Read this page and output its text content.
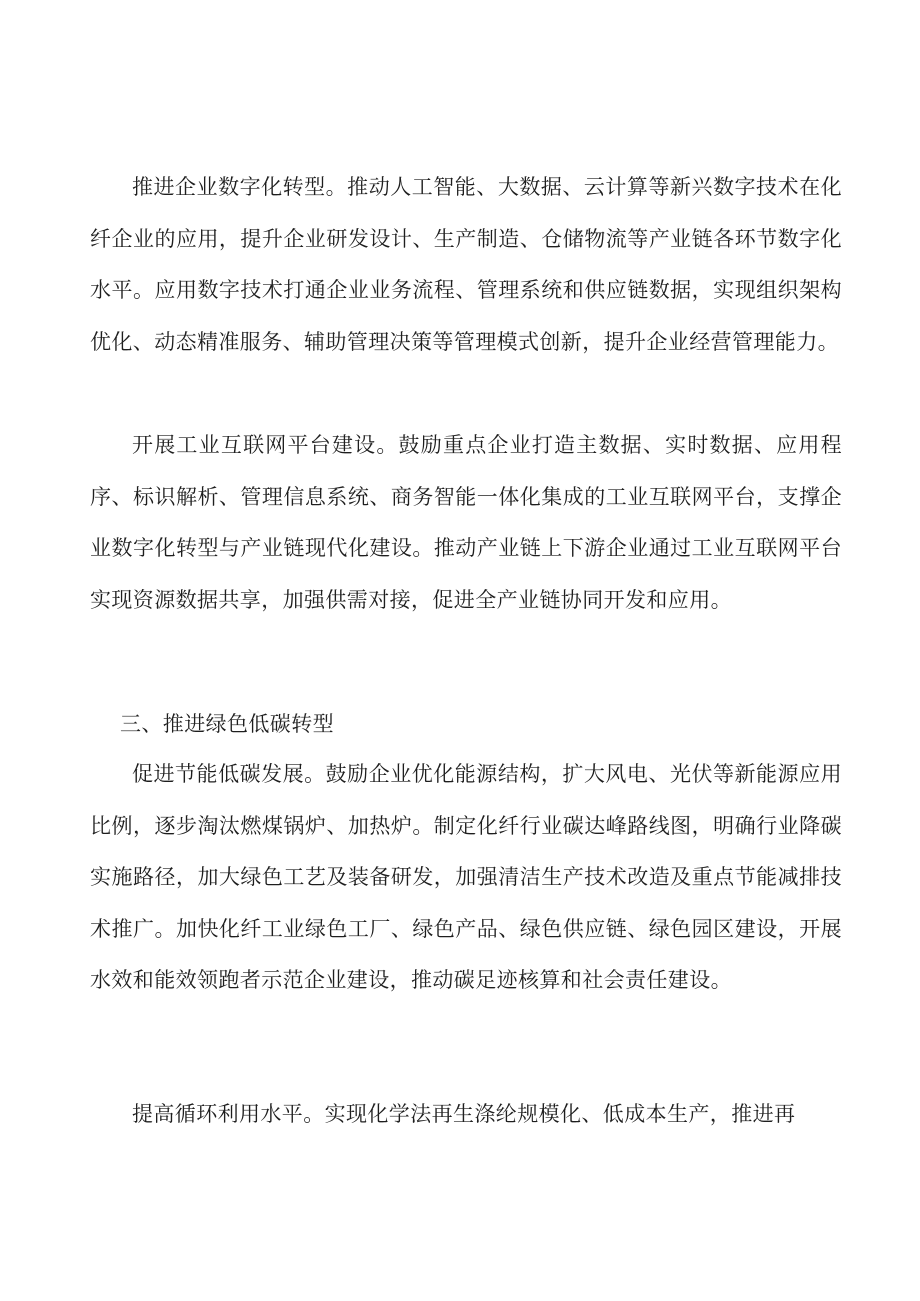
推进企业数字化转型。推动人工智能、大数据、云计算等新兴数字技术在化纤企业的应用，提升企业研发设计、生产制造、仓储物流等产业链各环节数字化水平。应用数字技术打通企业业务流程、管理系统和供应链数据，实现组织架构优化、动态精准服务、辅助管理决策等管理模式创新，提升企业经营管理能力。

开展工业互联网平台建设。鼓励重点企业打造主数据、实时数据、应用程序、标识解析、管理信息系统、商务智能一体化集成的工业互联网平台，支撑企业数字化转型与产业链现代化建设。推动产业链上下游企业通过工业互联网平台实现资源数据共享，加强供需对接，促进全产业链协同开发和应用。

三、推进绿色低碳转型

促进节能低碳发展。鼓励企业优化能源结构，扩大风电、光伏等新能源应用比例，逐步淘汰燃煤锅炉、加热炉。制定化纤行业碳达峰路线图，明确行业降碳实施路径，加大绿色工艺及装备研发，加强清洁生产技术改造及重点节能减排技术推广。加快化纤工业绿色工厂、绿色产品、绿色供应链、绿色园区建设，开展水效和能效领跑者示范企业建设，推动碳足迹核算和社会责任建设。

提高循环利用水平。实现化学法再生涤纶规模化、低成本生产，推进再
